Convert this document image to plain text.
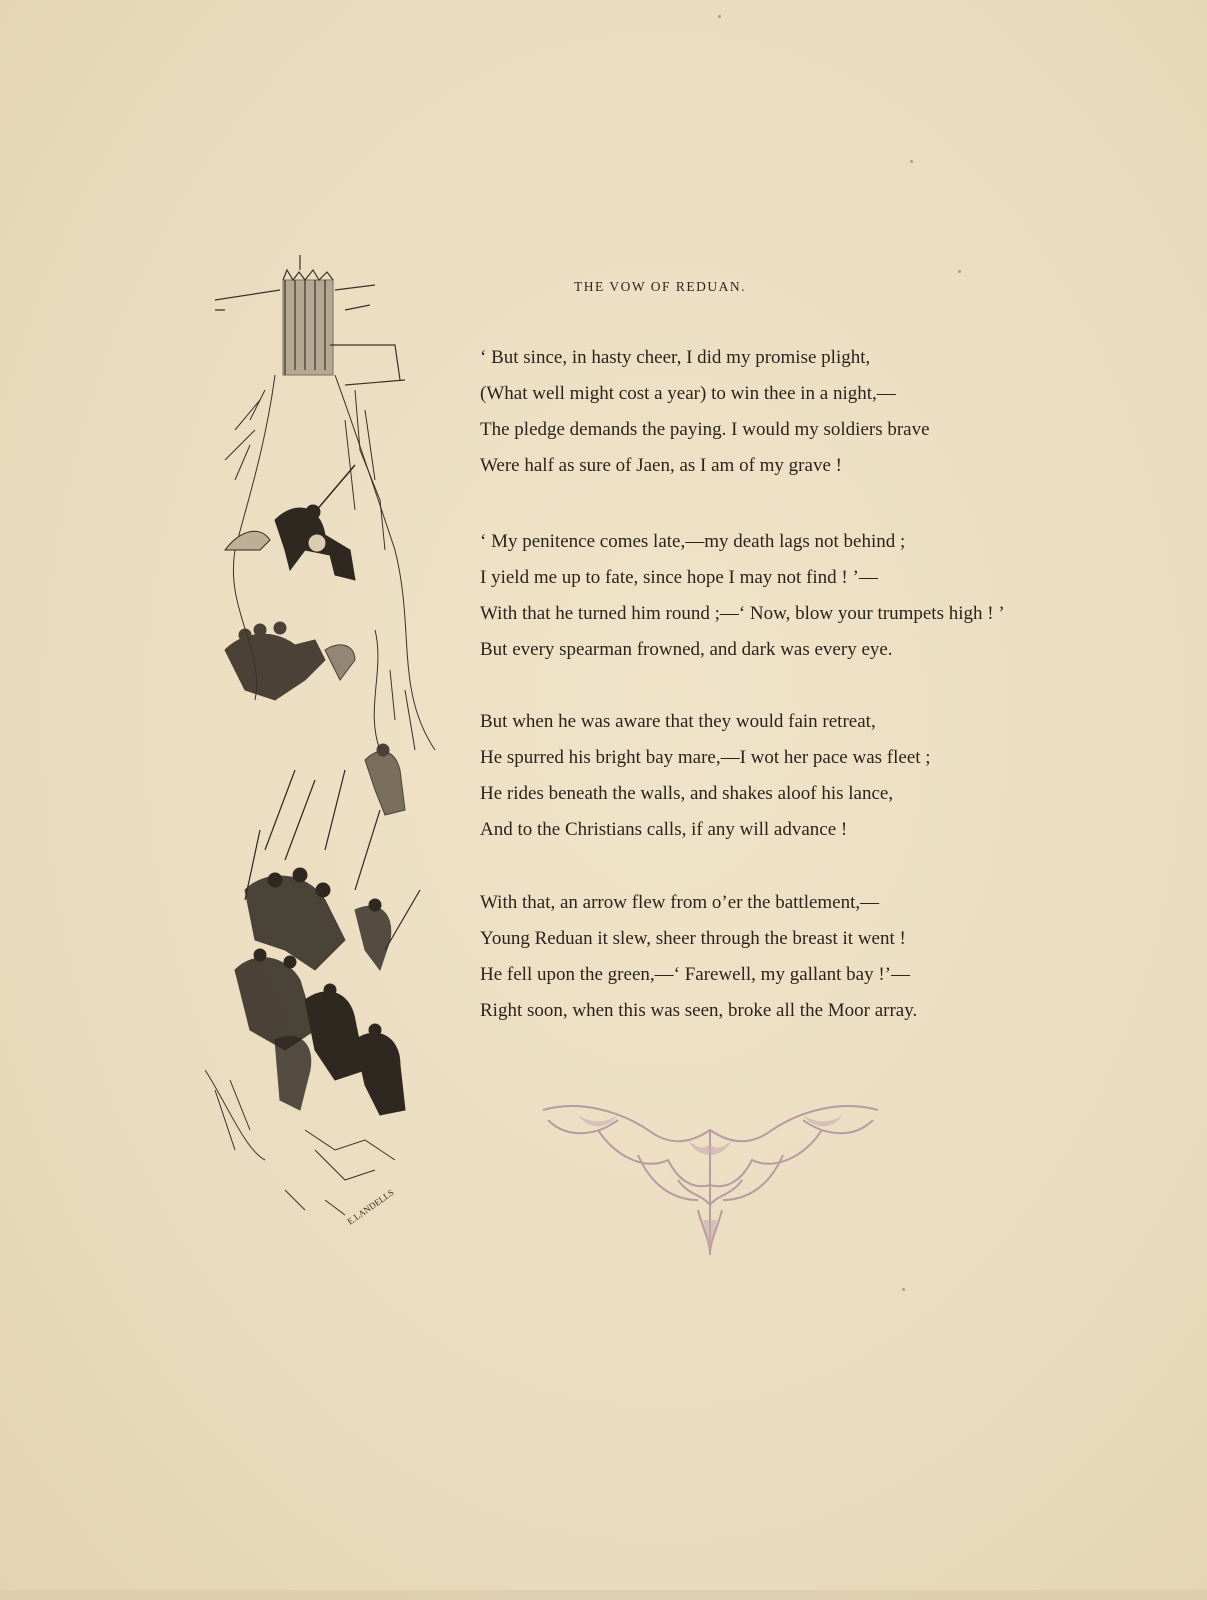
E.LANDELLS
THE VOW OF REDUAN.
‘ But since, in hasty cheer, I did my promise plight,
(What well might cost a year) to win thee in a night,—
The pledge demands the paying. I would my soldiers brave
Were half as sure of Jaen, as I am of my grave !
‘ My penitence comes late,—my death lags not behind ;
I yield me up to fate, since hope I may not find ! ’—
With that he turned him round ;—‘ Now, blow your trumpets high ! ’
But every spearman frowned, and dark was every eye.
But when he was aware that they would fain retreat,
He spurred his bright bay mare,—I wot her pace was fleet ;
He rides beneath the walls, and shakes aloof his lance,
And to the Christians calls, if any will advance !
With that, an arrow flew from o’er the battlement,—
Young Reduan it slew, sheer through the breast it went !
He fell upon the green,—‘ Farewell, my gallant bay !’—
Right soon, when this was seen, broke all the Moor array.
